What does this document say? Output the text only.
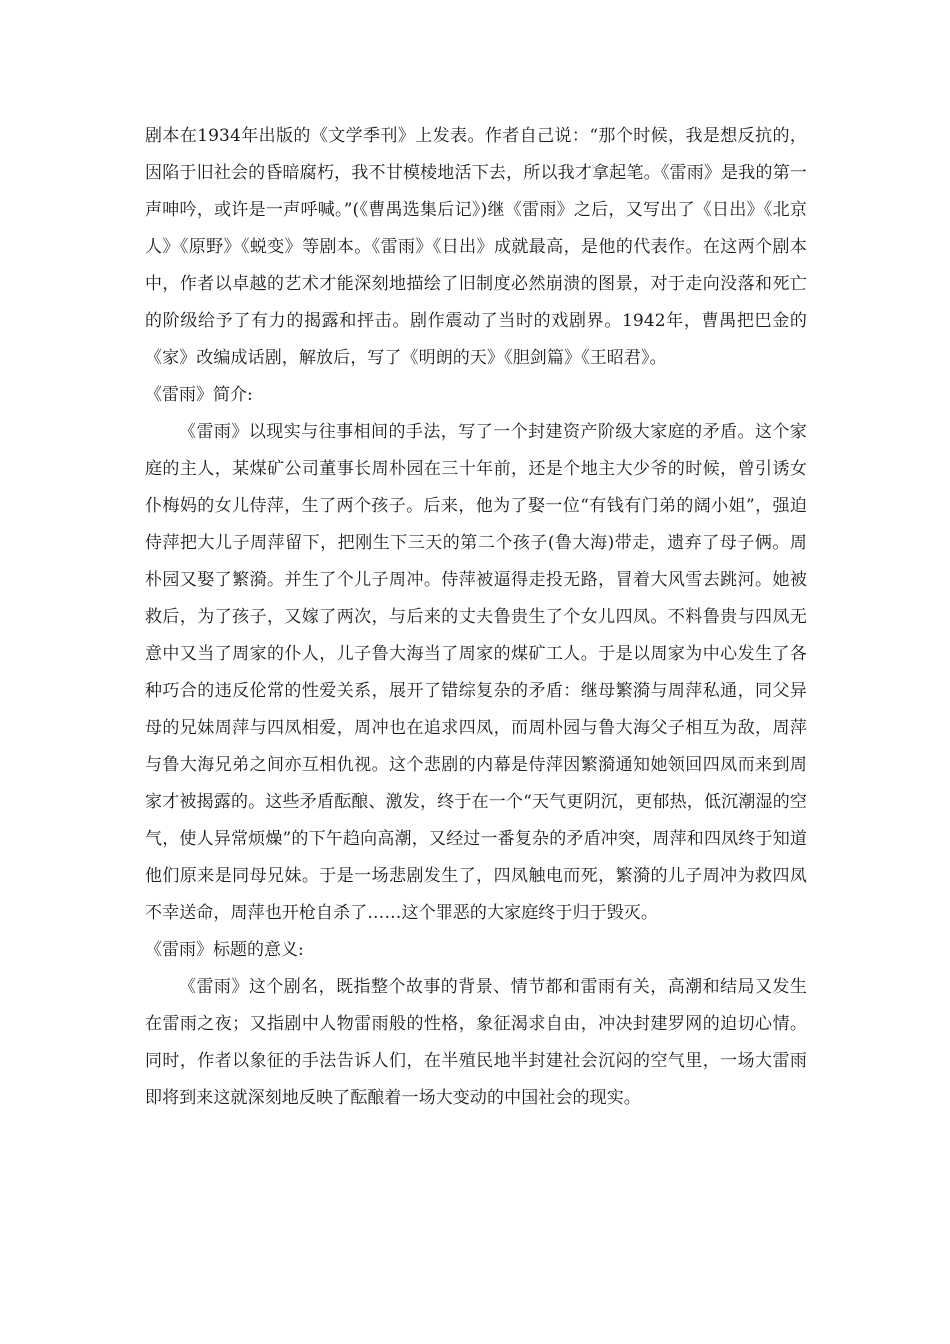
剧本在1934年出版的《文学季刊》上发表。作者自己说：“那个时候，我是想反抗的，因陷于旧社会的昏暗腐朽，我不甘模棱地活下去，所以我才拿起笔。《雷雨》是我的第一声呻吟，或许是一声呼喊。”(《曹禺选集后记》)继《雷雨》之后，又写出了《日出》《北京人》《原野》《蜕变》等剧本。《雷雨》《日出》成就最高，是他的代表作。在这两个剧本中，作者以卓越的艺术才能深刻地描绘了旧制度必然崩溃的图景，对于走向没落和死亡的阶级给予了有力的揭露和抨击。剧作震动了当时的戏剧界。1942年，曹禺把巴金的《家》改编成话剧，解放后，写了《明朗的天》《胆剑篇》《王昭君》。

《雷雨》简介:

《雷雨》以现实与往事相间的手法，写了一个封建资产阶级大家庭的矛盾。这个家庭的主人，某煤矿公司董事长周朴园在三十年前，还是个地主大少爷的时候，曾引诱女仆梅妈的女儿侍萍，生了两个孩子。后来，他为了娶一位“有钱有门弟的阔小姐”，强迫侍萍把大儿子周萍留下，把刚生下三天的第二个孩子(鲁大海)带走，遗弃了母子俩。周朴园又娶了繁漪。并生了个儿子周冲。侍萍被逼得走投无路，冒着大风雪去跳河。她被救后，为了孩子，又嫁了两次，与后来的丈夫鲁贵生了个女儿四凤。不料鲁贵与四凤无意中又当了周家的仆人，儿子鲁大海当了周家的煤矿工人。于是以周家为中心发生了各种巧合的违反伦常的性爱关系，展开了错综复杂的矛盾：继母繁漪与周萍私通，同父异母的兄妹周萍与四凤相爱，周冲也在追求四凤，而周朴园与鲁大海父子相互为敌，周萍与鲁大海兄弟之间亦互相仇视。这个悲剧的内幕是侍萍因繁漪通知她领回四凤而来到周家才被揭露的。这些矛盾酝酿、激发，终于在一个“天气更阴沉，更郁热，低沉潮湿的空气，使人异常烦燥”的下午趋向高潮，又经过一番复杂的矛盾冲突，周萍和四凤终于知道他们原来是同母兄妹。于是一场悲剧发生了，四凤触电而死，繁漪的儿子周冲为救四凤不幸送命，周萍也开枪自杀了……这个罪恶的大家庭终于归于毁灭。

《雷雨》标题的意义:

《雷雨》这个剧名，既指整个故事的背景、情节都和雷雨有关，高潮和结局又发生在雷雨之夜；又指剧中人物雷雨般的性格，象征渴求自由，冲决封建罗网的迫切心情。同时，作者以象征的手法告诉人们，在半殖民地半封建社会沉闷的空气里，一场大雷雨即将到来这就深刻地反映了酝酿着一场大变动的中国社会的现实。
